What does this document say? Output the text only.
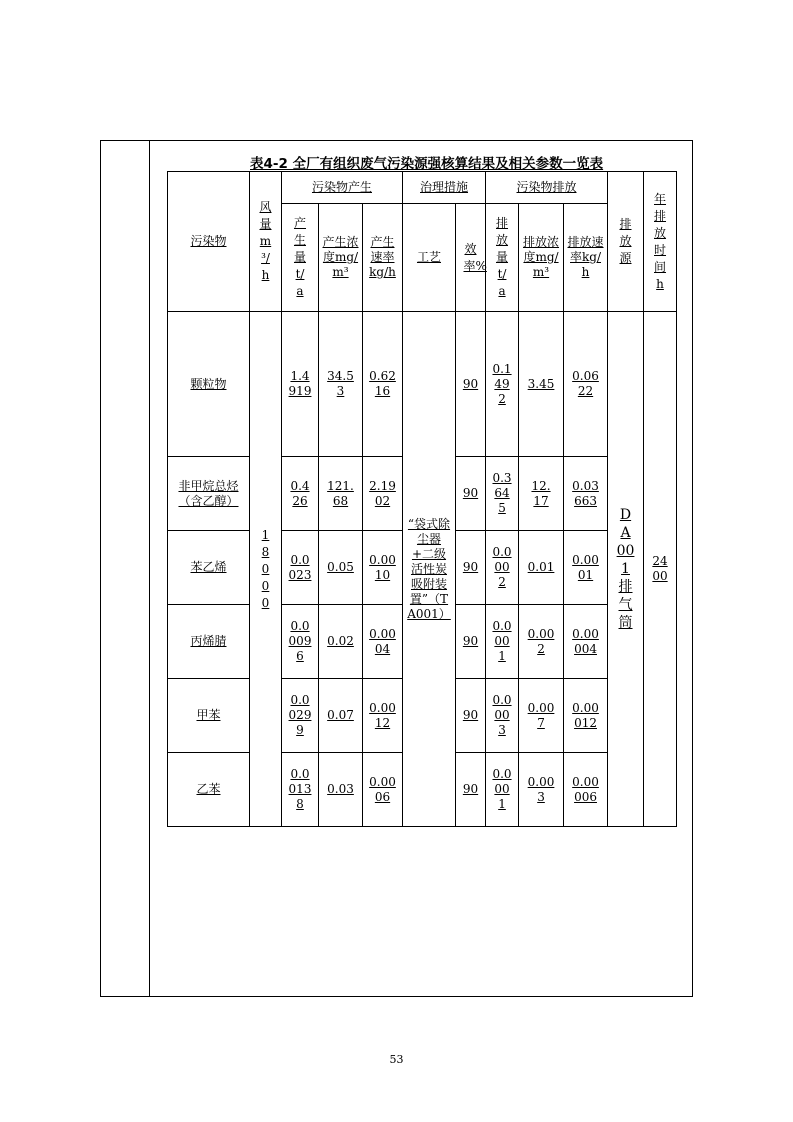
表4-2 全厂有组织废气污染源强核算结果及相关参数一览表
污染物	风量m³/h	污染物产生			治理措施		污染物排放			排放源	年排放时间h
		产生量t/a	产生浓度mg/m³	产生速率kg/h	工艺	效率%	排放量t/a	排放浓度mg/m³	排放速率kg/h		
颗粒物	18000	1.4919	34.53	0.6216	“袋式除尘器+二级活性炭吸附装置”（TA001）	90	0.1492	3.45	0.0622	DA001排气筒	2400
非甲烷总烃（含乙醇）		0.426	121.68	2.1902		90	0.3645	12.17	0.03663		
苯乙烯		0.0023	0.05	0.0010		90	0.0002	0.01	0.0001		
丙烯腈		0.00096	0.02	0.0004		90	0.0001	0.002	0.00004		
甲苯		0.00299	0.07	0.0012		90	0.0003	0.007	0.00012		
乙苯		0.00138	0.03	0.0006		90	0.0001	0.003	0.00006		
53
